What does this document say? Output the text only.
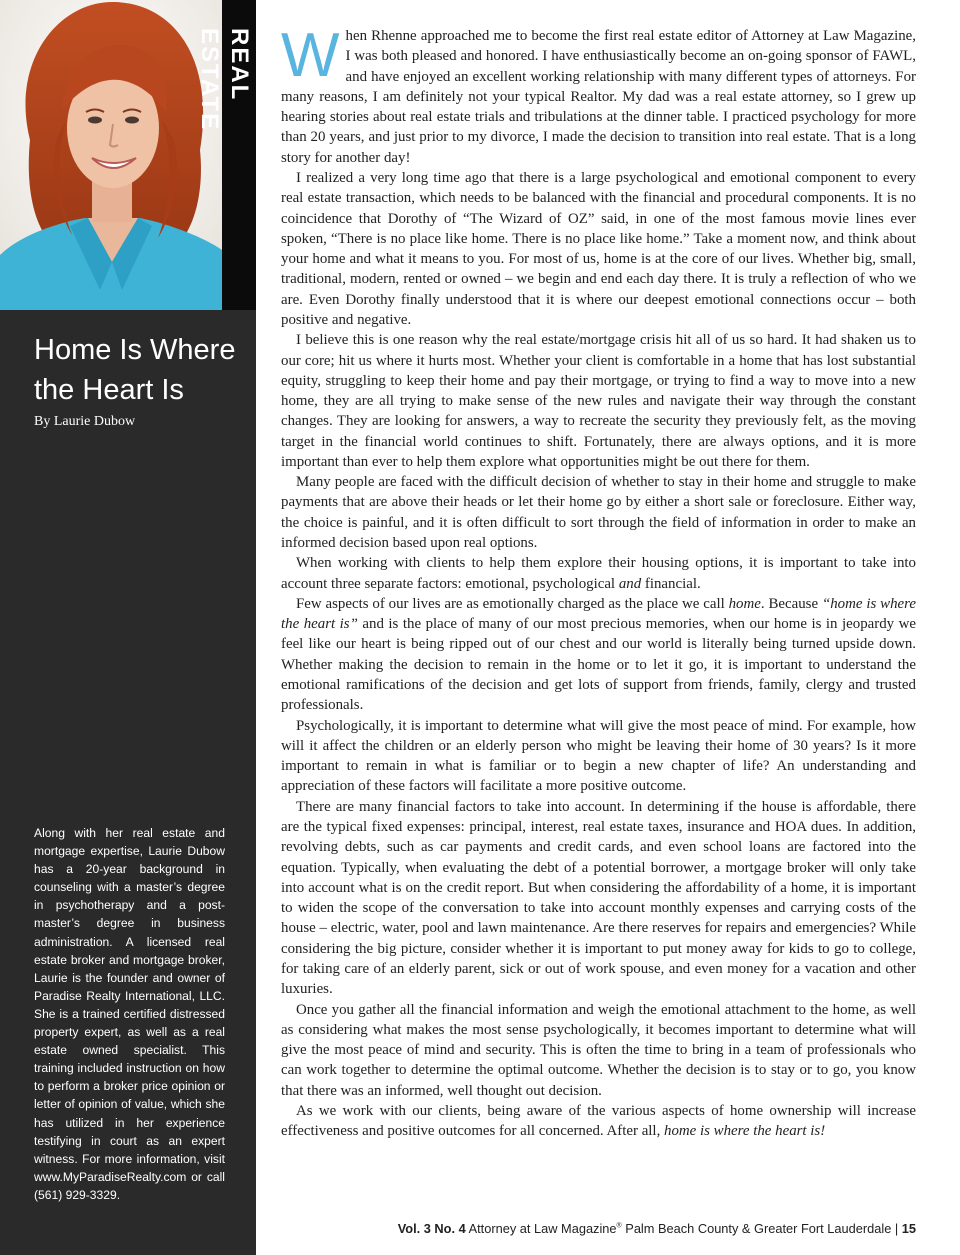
REAL ESTATE
Home Is Where
the Heart Is
By Laurie Dubow

Along with her real estate and mortgage expertise, Laurie Dubow has a 20-year background in counseling with a master’s degree in psychotherapy and a post-master’s degree in business administration. A licensed real estate broker and mortgage broker, Laurie is the founder and owner of Paradise Realty International, LLC. She is a trained certified distressed property expert, as well as a real estate owned specialist. This training included instruction on how to perform a broker price opinion or letter of opinion of value, which she has utilized in her experience testifying in court as an expert witness. For more information, visit www.MyParadiseRealty.com or call (561) 929-3329.

When Rhenne approached me to become the first real estate editor of Attorney at Law Magazine, I was both pleased and honored. I have enthusiastically become an on-going sponsor of FAWL, and have enjoyed an excellent working relationship with many different types of attorneys. For many reasons, I am definitely not your typical Realtor. My dad was a real estate attorney, so I grew up hearing stories about real estate trials and tribulations at the dinner table. I practiced psychology for more than 20 years, and just prior to my divorce, I made the decision to transition into real estate. That is a long story for another day!

I realized a very long time ago that there is a large psychological and emotional component to every real estate transaction, which needs to be balanced with the financial and procedural components. It is no coincidence that Dorothy of “The Wizard of OZ” said, in one of the most famous movie lines ever spoken, “There is no place like home. There is no place like home.” Take a moment now, and think about your home and what it means to you. For most of us, home is at the core of our lives. Whether big, small, traditional, modern, rented or owned – we begin and end each day there. It is truly a reflection of who we are. Even Dorothy finally understood that it is where our deepest emotional connections occur – both positive and negative.

I believe this is one reason why the real estate/mortgage crisis hit all of us so hard. It had shaken us to our core; hit us where it hurts most. Whether your client is comfortable in a home that has lost substantial equity, struggling to keep their home and pay their mortgage, or trying to find a way to move into a new home, they are all trying to make sense of the new rules and navigate their way through the constant changes. They are looking for answers, a way to recreate the security they previously felt, as the moving target in the financial world continues to shift. Fortunately, there are always options, and it is more important than ever to help them explore what opportunities might be out there for them.

Many people are faced with the difficult decision of whether to stay in their home and struggle to make payments that are above their heads or let their home go by either a short sale or foreclosure. Either way, the choice is painful, and it is often difficult to sort through the field of information in order to make an informed decision based upon real options.

When working with clients to help them explore their housing options, it is important to take into account three separate factors: emotional, psychological and financial.

Few aspects of our lives are as emotionally charged as the place we call home. Because “home is where the heart is” and is the place of many of our most precious memories, when our home is in jeopardy we feel like our heart is being ripped out of our chest and our world is literally being turned upside down. Whether making the decision to remain in the home or to let it go, it is important to understand the emotional ramifications of the decision and get lots of support from friends, family, clergy and trusted professionals.

Psychologically, it is important to determine what will give the most peace of mind. For example, how will it affect the children or an elderly person who might be leaving their home of 30 years? Is it more important to remain in what is familiar or to begin a new chapter of life? An understanding and appreciation of these factors will facilitate a more positive outcome.

There are many financial factors to take into account. In determining if the house is affordable, there are the typical fixed expenses: principal, interest, real estate taxes, insurance and HOA dues. In addition, revolving debts, such as car payments and credit cards, and even school loans are factored into the equation. Typically, when evaluating the debt of a potential borrower, a mortgage broker will only take into account what is on the credit report. But when considering the affordability of a home, it is important to widen the scope of the conversation to take into account monthly expenses and carrying costs of the house – electric, water, pool and lawn maintenance. Are there reserves for repairs and emergencies? While considering the big picture, consider whether it is important to put money away for kids to go to college, for taking care of an elderly parent, sick or out of work spouse, and even money for a vacation and other luxuries.

Once you gather all the financial information and weigh the emotional attachment to the home, as well as considering what makes the most sense psychologically, it becomes important to determine what will give the most peace of mind and security. This is often the time to bring in a team of professionals who can work together to determine the optimal outcome. Whether the decision is to stay or to go, you know that there was an informed, well thought out decision.

As we work with our clients, being aware of the various aspects of home ownership will increase effectiveness and positive outcomes for all concerned. After all, home is where the heart is!

Vol. 3 No. 4 Attorney at Law Magazine® Palm Beach County & Greater Fort Lauderdale | 15
